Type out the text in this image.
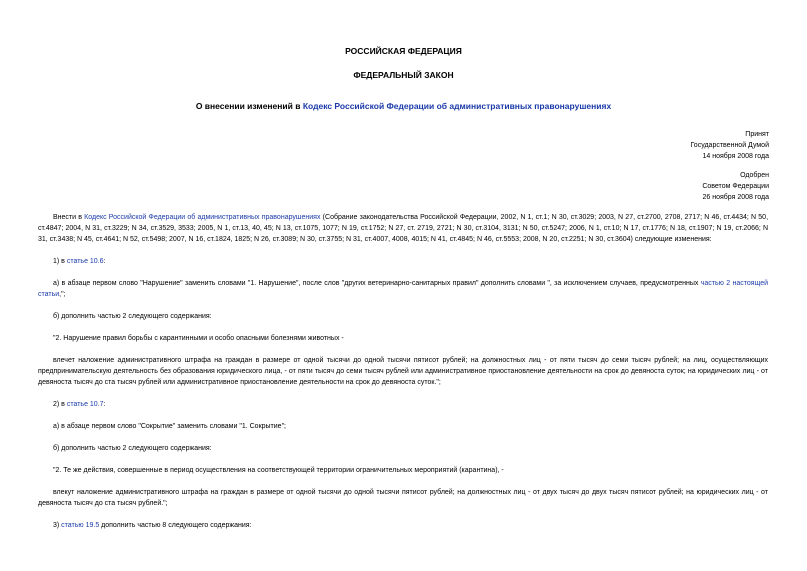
РОССИЙСКАЯ ФЕДЕРАЦИЯ

ФЕДЕРАЛЬНЫЙ ЗАКОН

О внесении изменений в Кодекс Российской Федерации об административных правонарушениях

Принят
Государственной Думой
14 ноября 2008 года
Одобрен
Советом Федерации
26 ноября 2008 года

Внести в Кодекс Российской Федерации об административных правонарушениях (Собрание законодательства Российской Федерации, 2002, N 1, ст.1; N 30, ст.3029; 2003, N 27, ст.2700, 2708, 2717; N 46, ст.4434; N 50, ст.4847; 2004, N 31, ст.3229; N 34, ст.3529, 3533; 2005, N 1, ст.13, 40, 45; N 13, ст.1075, 1077; N 19, ст.1752; N 27, ст. 2719, 2721; N 30, ст.3104, 3131; N 50, ст.5247; 2006, N 1, ст.10; N 17, ст.1776; N 18, ст.1907; N 19, ст.2066; N 31, ст.3438; N 45, ст.4641; N 52, ст.5498; 2007, N 16, ст.1824, 1825; N 26, ст.3089; N 30, ст.3755; N 31, ст.4007, 4008, 4015; N 41, ст.4845; N 46, ст.5553; 2008, N 20, ст.2251; N 30, ст.3604) следующие изменения:

1) в статье 10.6:

а) в абзаце первом слово "Нарушение" заменить словами "1. Нарушение", после слов "других ветеринарно-санитарных правил" дополнить словами ", за исключением случаев, предусмотренных частью 2 настоящей статьи,";

б) дополнить частью 2 следующего содержания:

"2. Нарушение правил борьбы с карантинными и особо опасными болезнями животных -

влечет наложение административного штрафа на граждан в размере от одной тысячи до одной тысячи пятисот рублей; на должностных лиц - от пяти тысяч до семи тысяч рублей; на лиц, осуществляющих предпринимательскую деятельность без образования юридического лица, - от пяти тысяч до семи тысяч рублей или административное приостановление деятельности на срок до девяноста суток; на юридических лиц - от девяноста тысяч до ста тысяч рублей или административное приостановление деятельности на срок до девяноста суток.";

2) в статье 10.7:

а) в абзаце первом слово "Сокрытие" заменить словами "1. Сокрытие";

б) дополнить частью 2 следующего содержания:

"2. Те же действия, совершенные в период осуществления на соответствующей территории ограничительных мероприятий (карантина), -

влекут наложение административного штрафа на граждан в размере от одной тысячи до одной тысячи пятисот рублей; на должностных лиц - от двух тысяч до двух тысяч пятисот рублей; на юридических лиц - от девяноста тысяч до ста тысяч рублей.";

3) статью 19.5 дополнить частью 8 следующего содержания:
